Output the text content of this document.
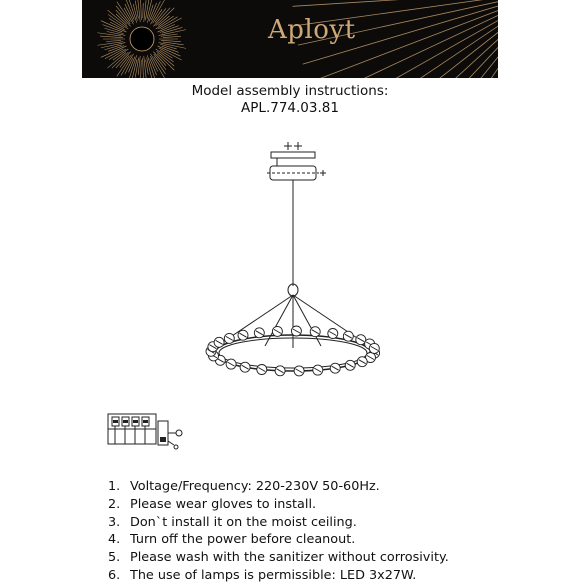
Aployt
Model assembly instructions:
APL.774.03.81
1. Voltage/Frequency: 220-230V 50-60Hz.
2. Please wear gloves to install.
3. Don`t install it on the moist ceiling.
4. Turn off the power before cleanout.
5. Please wash with the sanitizer without corrosivity.
6. The use of lamps is permissible: LED 3x27W.
